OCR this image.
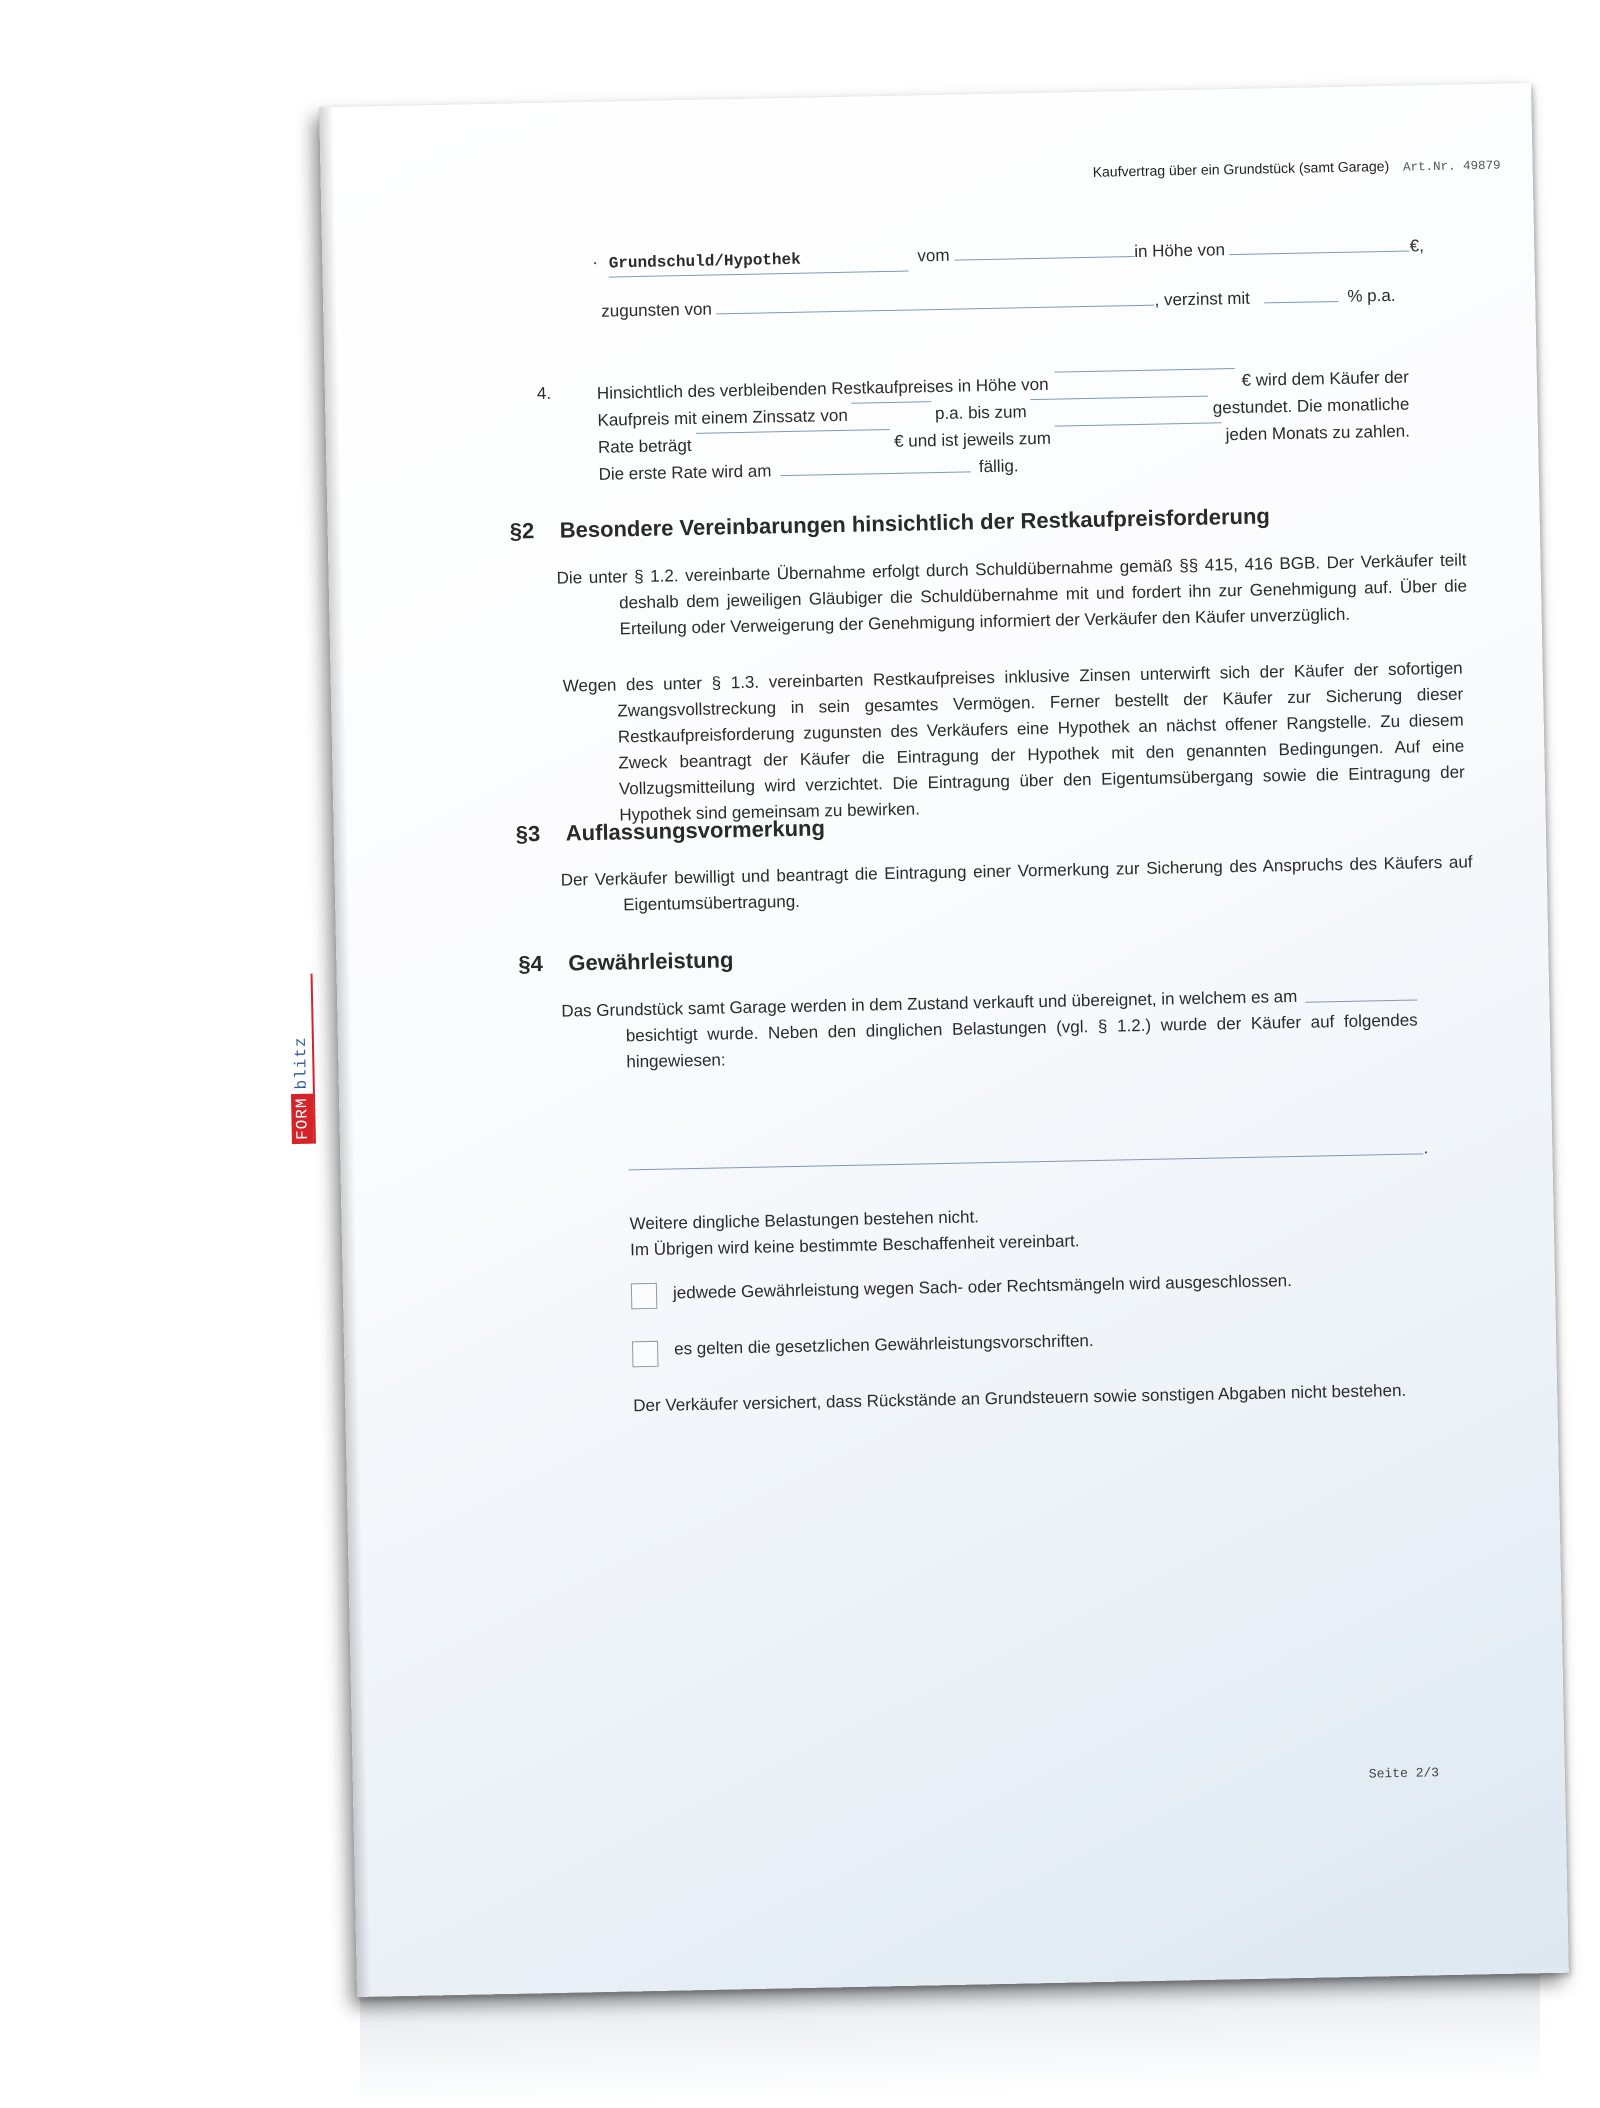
Kaufvertrag über ein Grundstück (samt Garage) Art.Nr. 49879
· Grundschuld/Hypothek	vom	in Höhe von	€,
zugunsten von , verzinst mit	% p.a.
4.	Hinsichtlich des verbleibenden Restkaufpreises in Höhe von	€ wird dem Käufer der
Kaufpreis mit einem Zinssatz von	p.a. bis zum	gestundet. Die monatliche
Rate beträgt	€ und ist jeweils zum	jeden Monats zu zahlen.
Die erste Rate wird am	fällig.
§2 Besondere Vereinbarungen hinsichtlich der Restkaufpreisforderung
Die unter § 1.2. vereinbarte Übernahme erfolgt durch Schuldübernahme gemäß §§ 415, 416 BGB. Der Verkäufer teilt deshalb dem jeweiligen Gläubiger die Schuldübernahme mit und fordert ihn zur Genehmigung auf. Über die Erteilung oder Verweigerung der Genehmigung informiert der Verkäufer den Käufer unverzüglich.
Wegen des unter § 1.3. vereinbarten Restkaufpreises inklusive Zinsen unterwirft sich der Käufer der sofortigen Zwangsvollstreckung in sein gesamtes Vermögen. Ferner bestellt der Käufer zur Sicherung dieser Restkaufpreisforderung zugunsten des Verkäufers eine Hypothek an nächst offener Rangstelle. Zu diesem Zweck beantragt der Käufer die Eintragung der Hypothek mit den genannten Bedingungen. Auf eine Vollzugsmitteilung wird verzichtet. Die Eintragung über den Eigentumsübergang sowie die Eintragung der Hypothek sind gemeinsam zu bewirken.
§3 Auflassungsvormerkung
Der Verkäufer bewilligt und beantragt die Eintragung einer Vormerkung zur Sicherung des Anspruchs des Käufers auf Eigentumsübertragung.
§4 Gewährleistung
Das Grundstück samt Garage werden in dem Zustand verkauft und übereignet, in welchem es am
besichtigt wurde. Neben den dinglichen Belastungen (vgl. § 1.2.) wurde der Käufer auf folgendes hingewiesen:
.
Weitere dingliche Belastungen bestehen nicht.
Im Übrigen wird keine bestimmte Beschaffenheit vereinbart.
jedwede Gewährleistung wegen Sach- oder Rechtsmängeln wird ausgeschlossen.
es gelten die gesetzlichen Gewährleistungsvorschriften.
Der Verkäufer versichert, dass Rückstände an Grundsteuern sowie sonstigen Abgaben nicht bestehen.
Seite 2/3
FORM
blitz
